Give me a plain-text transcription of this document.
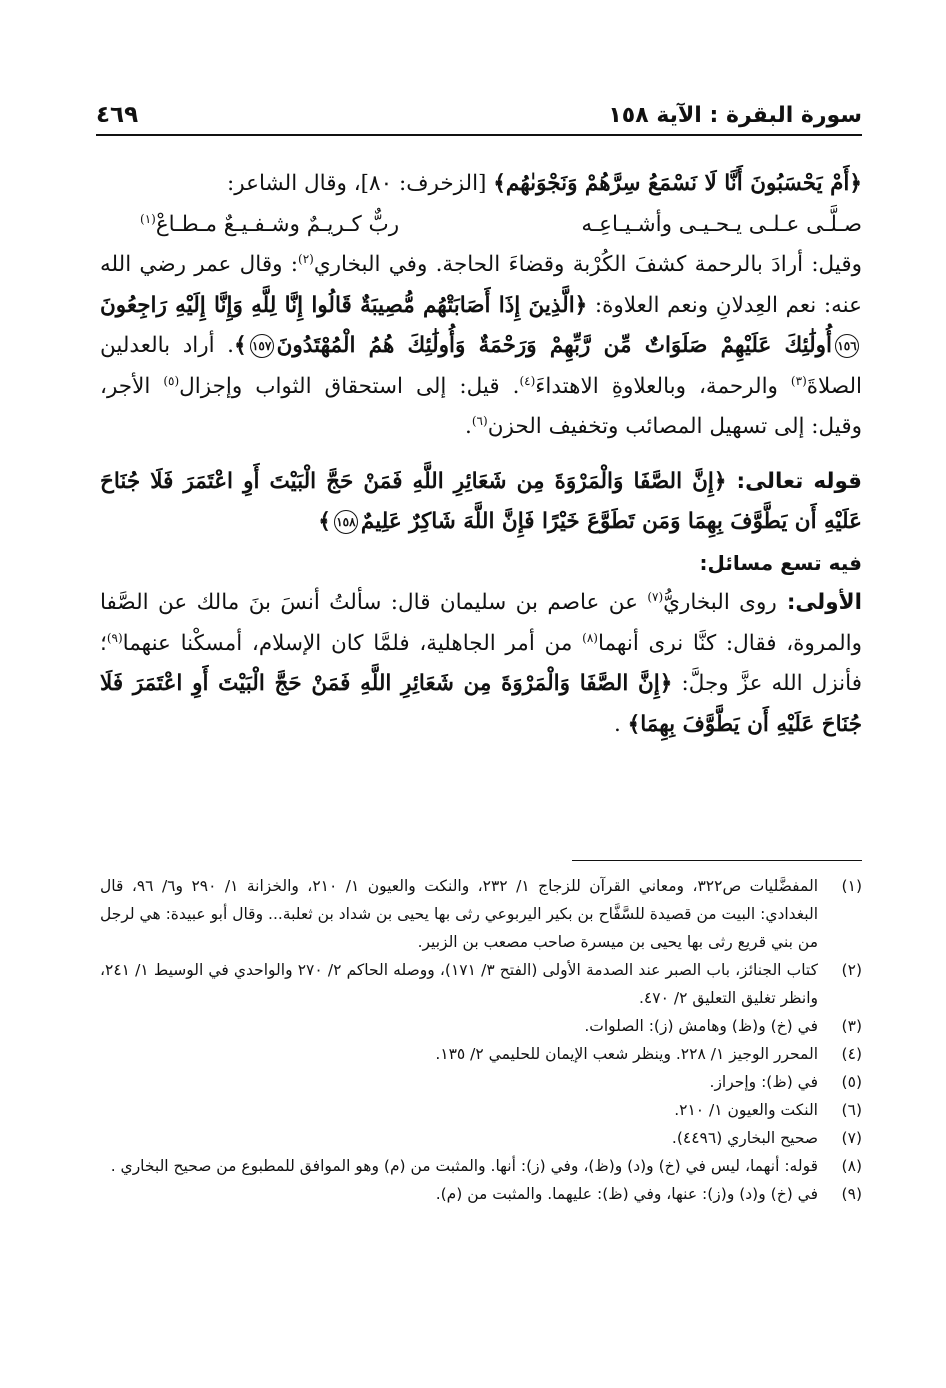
سورة البقرة : الآية ١٥٨
٤٦٩

﴿أَمْ يَحْسَبُونَ أَنَّا لَا نَسْمَعُ سِرَّهُمْ وَنَجْوَىٰهُم﴾ [الزخرف: ٨٠]، وقال الشاعر:

صـلَّـى عـلـى يـحـيـى وأشـيـاعِـه
ربٌّ كـريـمٌ وشـفـيـعٌ مـطـاعْ$^{(١)}$

وقيل: أرادَ بالرحمة كشفَ الكُرْبة وقضاءَ الحاجة. وفي البخاري$^{(٢)}$: وقال عمر رضي الله عنه: نعم العِدلانِ ونعم العلاوة: ﴿الَّذِينَ إِذَا أَصَابَتْهُم مُّصِيبَةٌ قَالُوا إِنَّا لِلَّهِ وَإِنَّا إِلَيْهِ رَاجِعُونَ١٥٦أُولَٰئِكَ عَلَيْهِمْ صَلَوَاتٌ مِّن رَّبِّهِمْ وَرَحْمَةٌ وَأُولَٰئِكَ هُمُ الْمُهْتَدُونَ١٥٧﴾. أراد بالعدلين الصلاةَ$^{(٣)}$ والرحمة، وبالعلاوةِ الاهتداءَ$^{(٤)}$. قيل: إلى استحقاق الثواب وإجزال$^{(٥)}$ الأجر، وقيل: إلى تسهيل المصائب وتخفيف الحزن$^{(٦)}$.

قوله تعالى: ﴿إِنَّ الصَّفَا وَالْمَرْوَةَ مِن شَعَائِرِ اللَّهِ فَمَنْ حَجَّ الْبَيْتَ أَوِ اعْتَمَرَ فَلَا جُنَاحَ عَلَيْهِ أَن يَطَّوَّفَ بِهِمَا وَمَن تَطَوَّعَ خَيْرًا فَإِنَّ اللَّهَ شَاكِرٌ عَلِيمٌ١٥٨﴾

فيه تسع مسائل:

الأولى: روى البخاريُّ$^{(٧)}$ عن عاصم بن سليمان قال: سألتُ أنسَ بنَ مالك عن الصَّفا والمروة، فقال: كنَّا نرى أنهما$^{(٨)}$ من أمر الجاهلية، فلمَّا كان الإسلام، أمسكْنا عنهما$^{(٩)}$؛ فأنزل الله عزَّ وجلَّ: ﴿إِنَّ الصَّفَا وَالْمَرْوَةَ مِن شَعَائِرِ اللَّهِ فَمَنْ حَجَّ الْبَيْتَ أَوِ اعْتَمَرَ فَلَا جُنَاحَ عَلَيْهِ أَن يَطَّوَّفَ بِهِمَا﴾ .

(١)
المفضَّليات ص٣٢٢، ومعاني القرآن للزجاج ١/ ٢٣٢، والنكت والعيون ١/ ٢١٠، والخزانة ١/ ٢٩٠ و٦/ ٩٦، قال البغدادي: البيت من قصيدة للسَّفَّاح بن بكير اليربوعي رثى بها يحيى بن شداد بن ثعلبة... وقال أبو عبيدة: هي لرجل من بني قريع رثى بها يحيى بن ميسرة صاحب مصعب بن الزبير.
(٢)
كتاب الجنائز، باب الصبر عند الصدمة الأولى (الفتح ٣/ ١٧١)، ووصله الحاكم ٢/ ٢٧٠ والواحدي في الوسيط ١/ ٢٤١، وانظر تغليق التعليق ٢/ ٤٧٠.
(٣)
في (خ) و(ظ) وهامش (ز): الصلوات.
(٤)
المحرر الوجيز ١/ ٢٢٨. وينظر شعب الإيمان للحليمي ٢/ ١٣٥.
(٥)
في (ظ): وإحراز.
(٦)
النكت والعيون ١/ ٢١٠.
(٧)
صحيح البخاري (٤٤٩٦).
(٨)
قوله: أنهما، ليس في (خ) و(د) و(ظ)، وفي (ز): أنها. والمثبت من (م) وهو الموافق للمطبوع من صحيح البخاري .
(٩)
في (خ) و(د) و(ز): عنها، وفي (ظ): عليهما. والمثبت من (م).
